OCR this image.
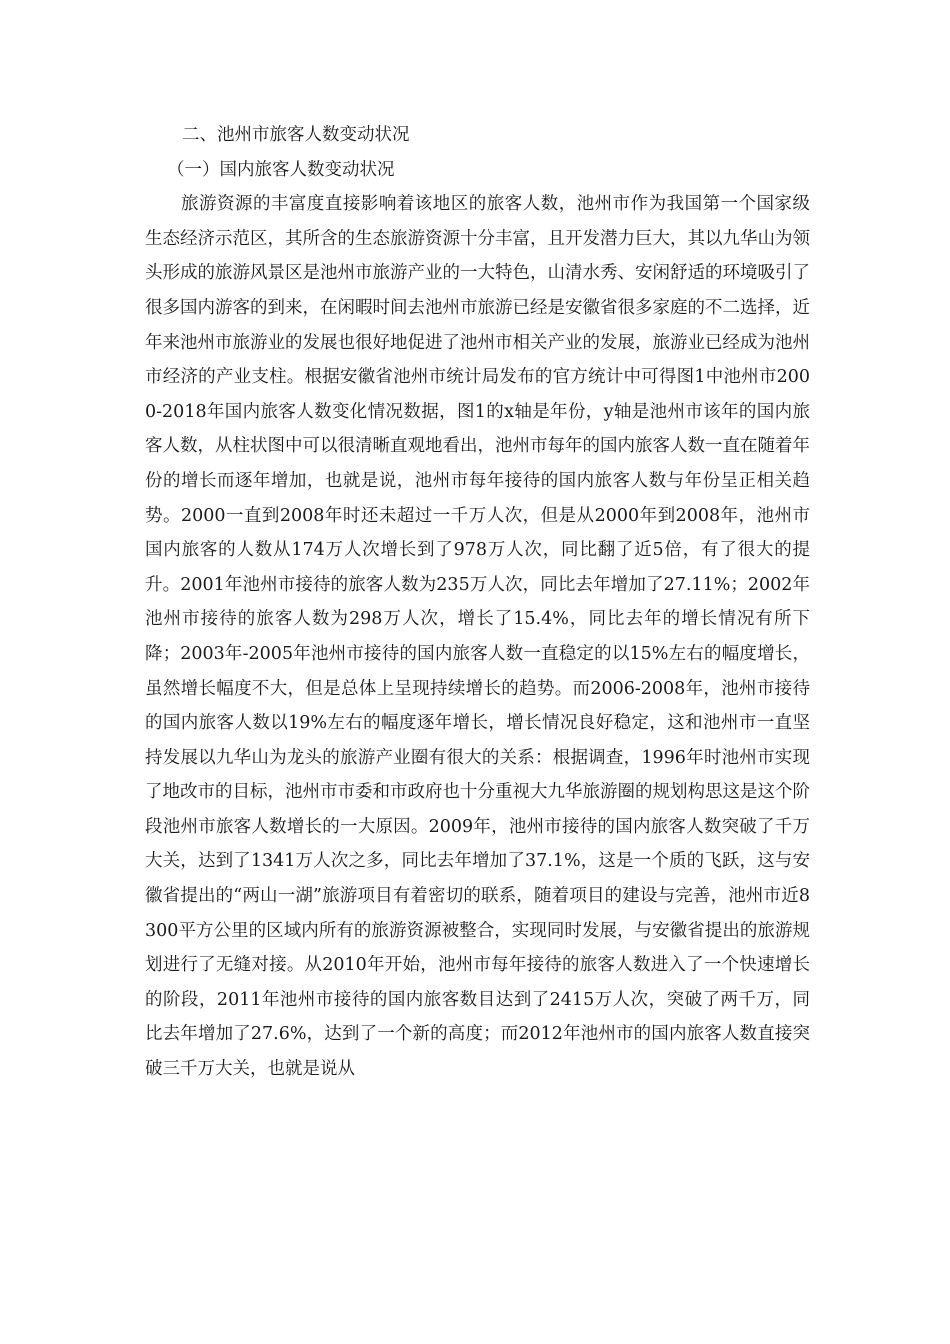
二、池州市旅客人数变动状况
（一）国内旅客人数变动状况

旅游资源的丰富度直接影响着该地区的旅客人数，池州市作为我国第一个国家级生态经济示范区，其所含的生态旅游资源十分丰富，且开发潜力巨大，其以九华山为领头形成的旅游风景区是池州市旅游产业的一大特色，山清水秀、安闲舒适的环境吸引了很多国内游客的到来，在闲暇时间去池州市旅游已经是安徽省很多家庭的不二选择，近年来池州市旅游业的发展也很好地促进了池州市相关产业的发展，旅游业已经成为池州市经济的产业支柱。根据安徽省池州市统计局发布的官方统计中可得图1中池州市2000-2018年国内旅客人数变化情况数据，图1的x轴是年份，y轴是池州市该年的国内旅客人数，从柱状图中可以很清晰直观地看出，池州市每年的国内旅客人数一直在随着年份的增长而逐年增加，也就是说，池州市每年接待的国内旅客人数与年份呈正相关趋势。2000一直到2008年时还未超过一千万人次，但是从2000年到2008年，池州市国内旅客的人数从174万人次增长到了978万人次，同比翻了近5倍，有了很大的提升。2001年池州市接待的旅客人数为235万人次，同比去年增加了27.11%；2002年池州市接待的旅客人数为298万人次，增长了15.4%，同比去年的增长情况有所下降；2003年-2005年池州市接待的国内旅客人数一直稳定的以15%左右的幅度增长，虽然增长幅度不大，但是总体上呈现持续增长的趋势。而2006-2008年，池州市接待的国内旅客人数以19%左右的幅度逐年增长，增长情况良好稳定，这和池州市一直坚持发展以九华山为龙头的旅游产业圈有很大的关系：根据调查，1996年时池州市实现了地改市的目标，池州市市委和市政府也十分重视大九华旅游圈的规划构思这是这个阶段池州市旅客人数增长的一大原因。2009年，池州市接待的国内旅客人数突破了千万大关，达到了1341万人次之多，同比去年增加了37.1%，这是一个质的飞跃，这与安徽省提出的“两山一湖”旅游项目有着密切的联系，随着项目的建设与完善，池州市近8300平方公里的区域内所有的旅游资源被整合，实现同时发展，与安徽省提出的旅游规划进行了无缝对接。从2010年开始，池州市每年接待的旅客人数进入了一个快速增长的阶段，2011年池州市接待的国内旅客数目达到了2415万人次，突破了两千万，同比去年增加了27.6%，达到了一个新的高度；而2012年池州市的国内旅客人数直接突破三千万大关，也就是说从
